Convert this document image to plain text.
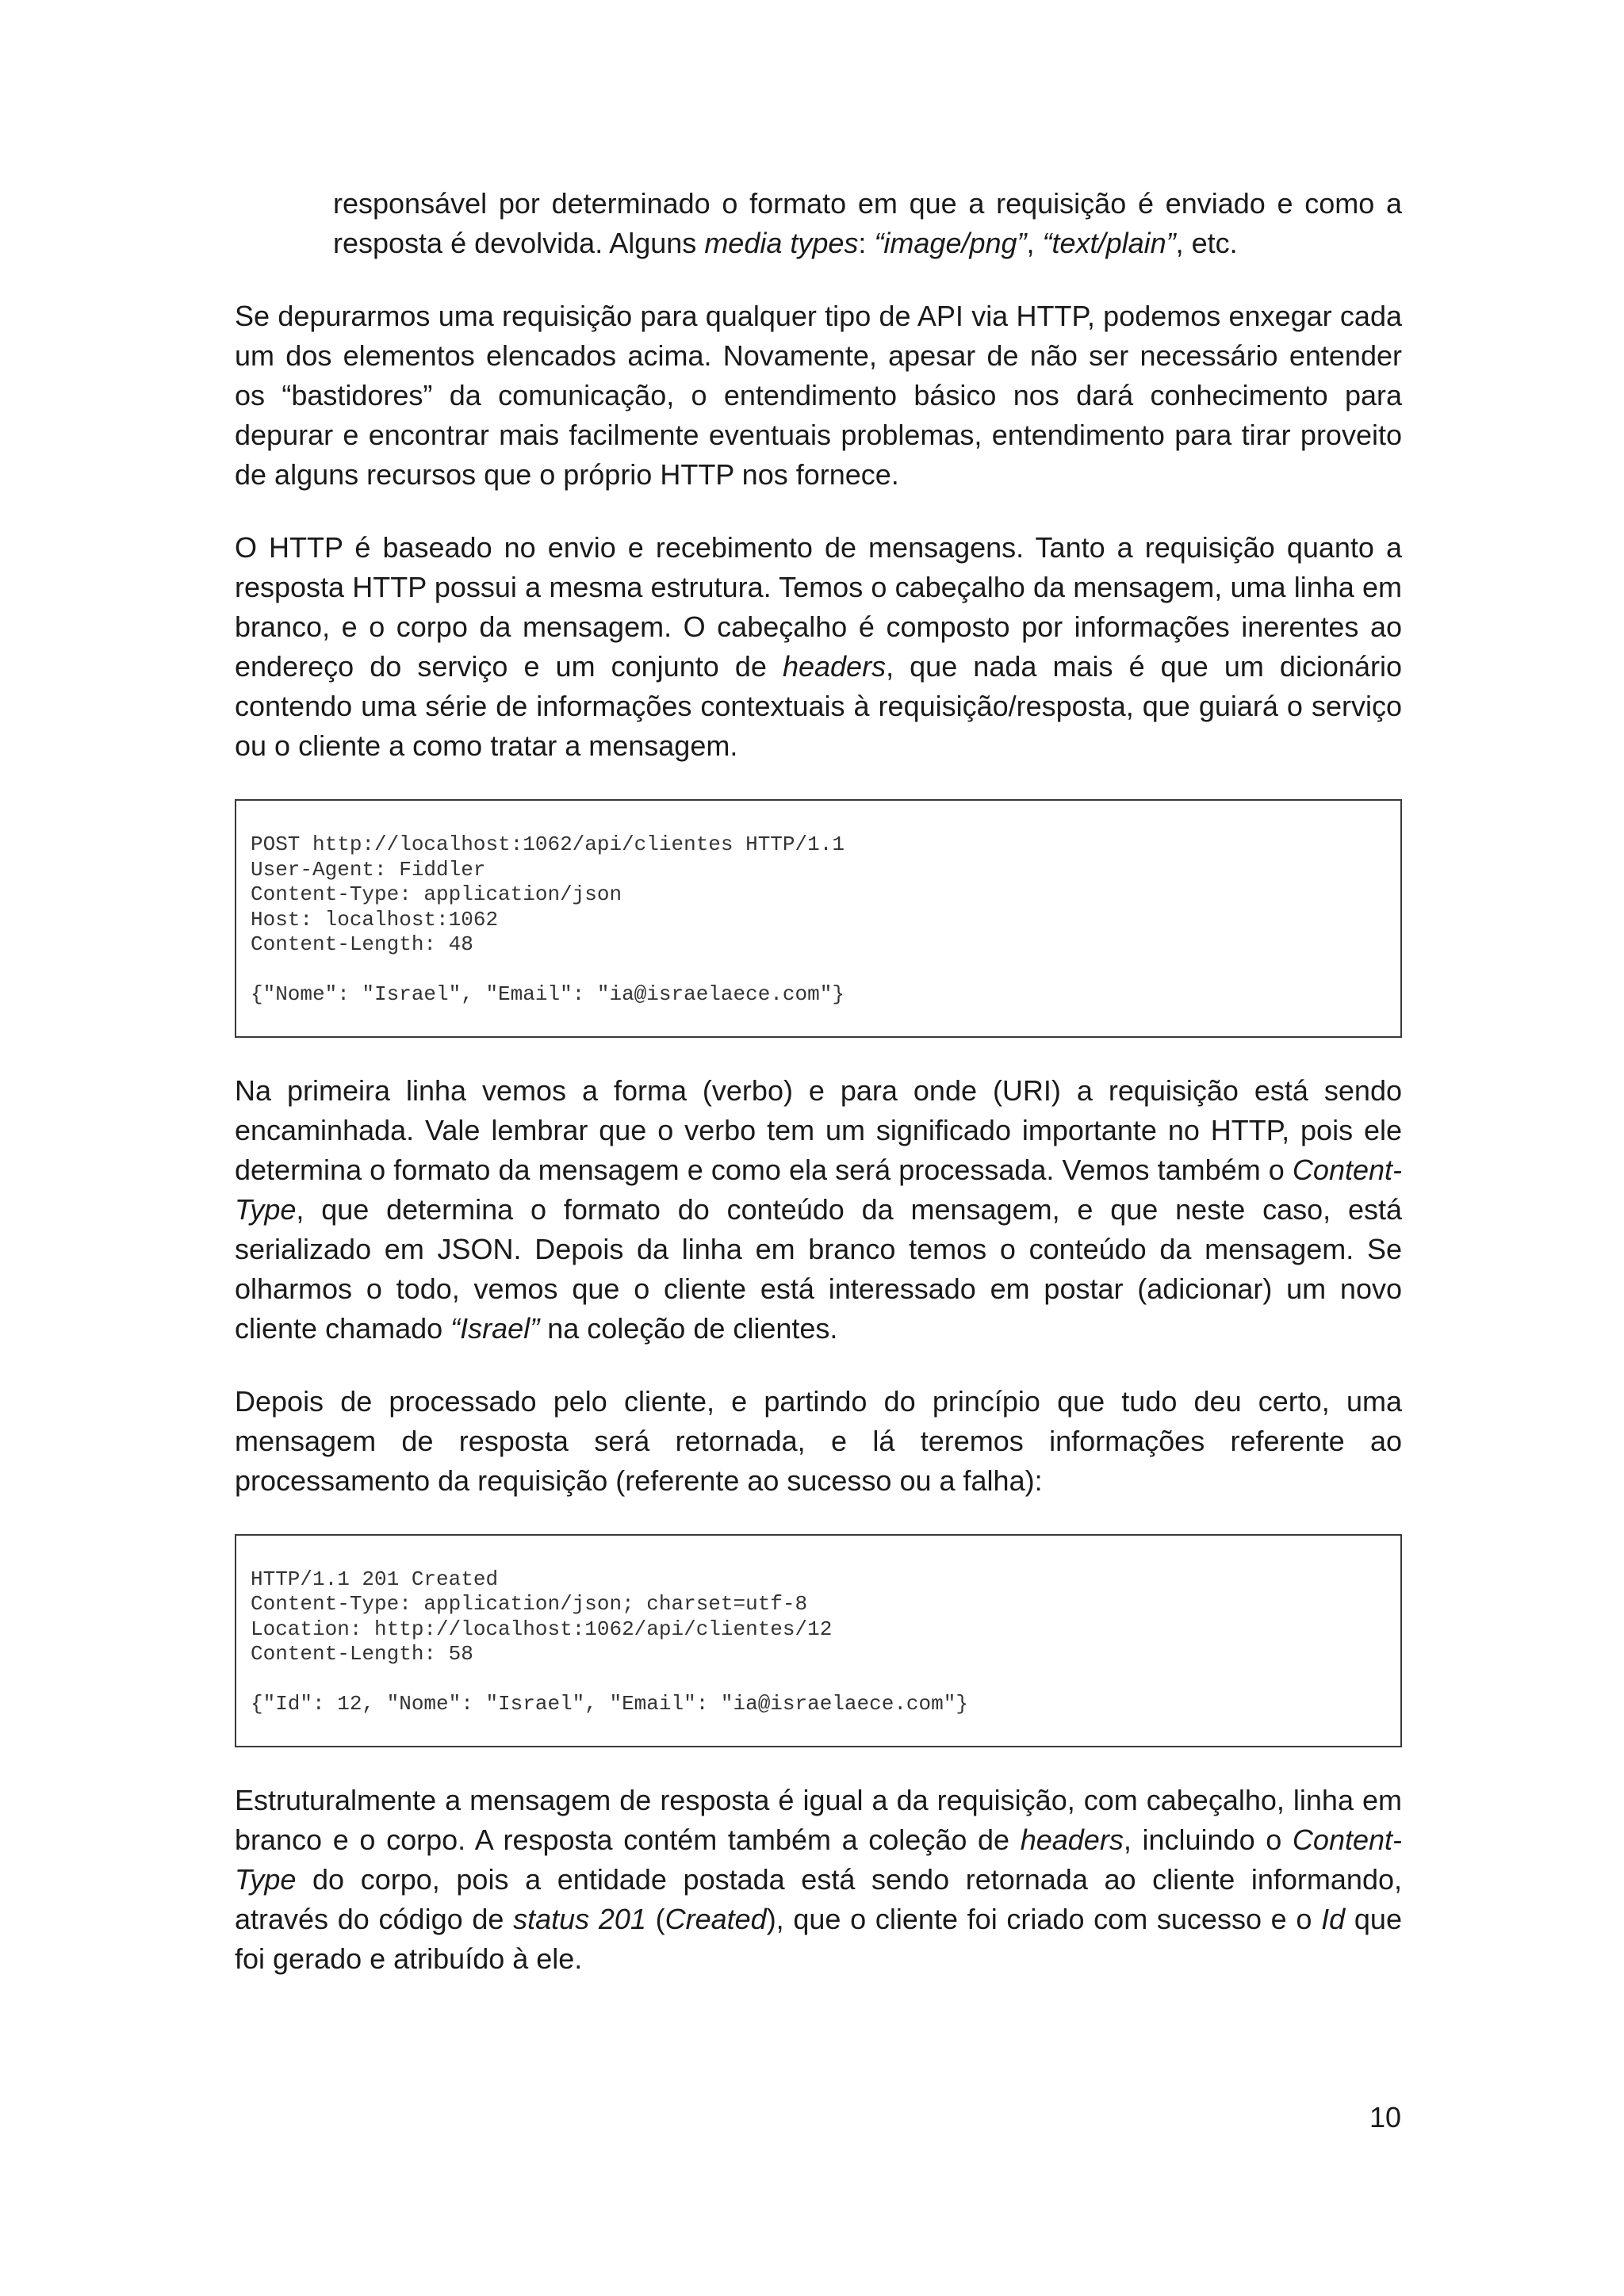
responsável por determinado o formato em que a requisição é enviado e como a resposta é devolvida. Alguns media types: “image/png”, “text/plain”, etc.

Se depurarmos uma requisição para qualquer tipo de API via HTTP, podemos enxegar cada um dos elementos elencados acima. Novamente, apesar de não ser necessário entender os “bastidores” da comunicação, o entendimento básico nos dará conhecimento para depurar e encontrar mais facilmente eventuais problemas, entendimento para tirar proveito de alguns recursos que o próprio HTTP nos fornece.

O HTTP é baseado no envio e recebimento de mensagens. Tanto a requisição quanto a resposta HTTP possui a mesma estrutura. Temos o cabeçalho da mensagem, uma linha em branco, e o corpo da mensagem. O cabeçalho é composto por informações inerentes ao endereço do serviço e um conjunto de headers, que nada mais é que um dicionário contendo uma série de informações contextuais à requisição/resposta, que guiará o serviço ou o cliente a como tratar a mensagem.

POST http://localhost:1062/api/clientes HTTP/1.1
User-Agent: Fiddler
Content-Type: application/json
Host: localhost:1062
Content-Length: 48
{"Nome": "Israel", "Email": "ia@israelaece.com"}

Na primeira linha vemos a forma (verbo) e para onde (URI) a requisição está sendo encaminhada. Vale lembrar que o verbo tem um significado importante no HTTP, pois ele determina o formato da mensagem e como ela será processada. Vemos também o Content-Type, que determina o formato do conteúdo da mensagem, e que neste caso, está serializado em JSON. Depois da linha em branco temos o conteúdo da mensagem. Se olharmos o todo, vemos que o cliente está interessado em postar (adicionar) um novo cliente chamado “Israel” na coleção de clientes.

Depois de processado pelo cliente, e partindo do princípio que tudo deu certo, uma mensagem de resposta será retornada, e lá teremos informações referente ao processamento da requisição (referente ao sucesso ou a falha):

HTTP/1.1 201 Created
Content-Type: application/json; charset=utf-8
Location: http://localhost:1062/api/clientes/12
Content-Length: 58
{"Id": 12, "Nome": "Israel", "Email": "ia@israelaece.com"}

Estruturalmente a mensagem de resposta é igual a da requisição, com cabeçalho, linha em branco e o corpo. A resposta contém também a coleção de headers, incluindo o Content-Type do corpo, pois a entidade postada está sendo retornada ao cliente informando, através do código de status 201 (Created), que o cliente foi criado com sucesso e o Id que foi gerado e atribuído à ele.

10
